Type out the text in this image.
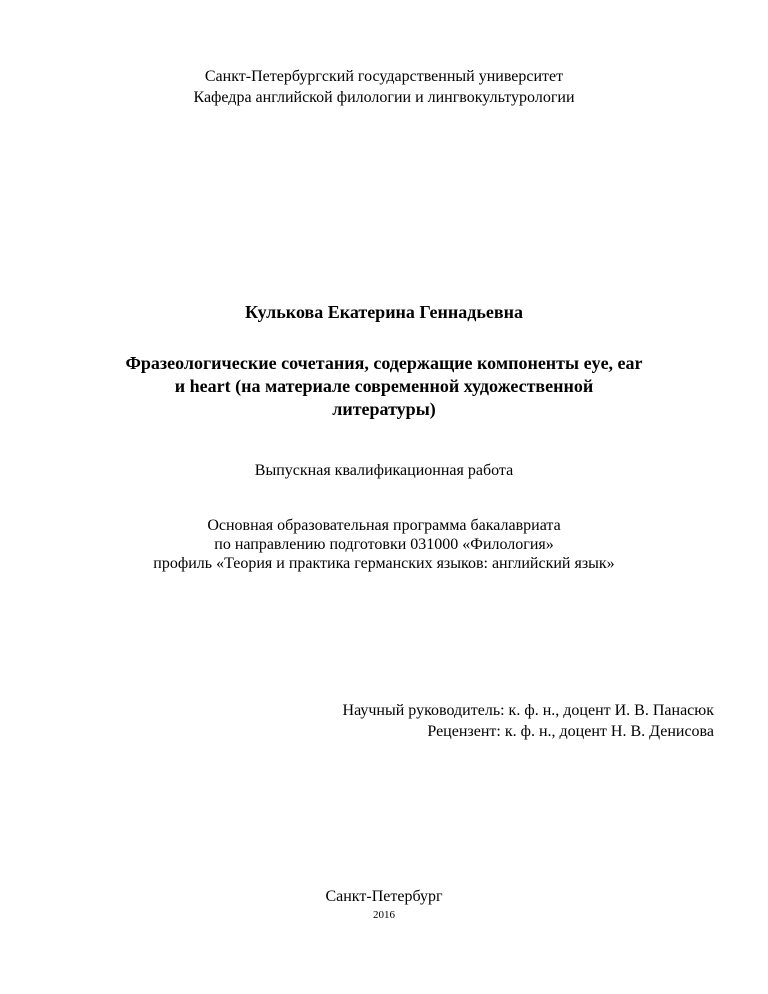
Санкт-Петербургский государственный университет
Кафедра английской филологии и лингвокультурологии
Кулькова Екатерина Геннадьевна
Фразеологические сочетания, содержащие компоненты eye, ear
и heart (на материале современной художественной
литературы)
Выпускная квалификационная работа
Основная образовательная программа бакалавриата
по направлению подготовки 031000 «Филология»
профиль «Теория и практика германских языков: английский язык»
Научный руководитель: к. ф. н., доцент И. В. Панасюк
Рецензент: к. ф. н., доцент Н. В. Денисова
Санкт-Петербург
2016
